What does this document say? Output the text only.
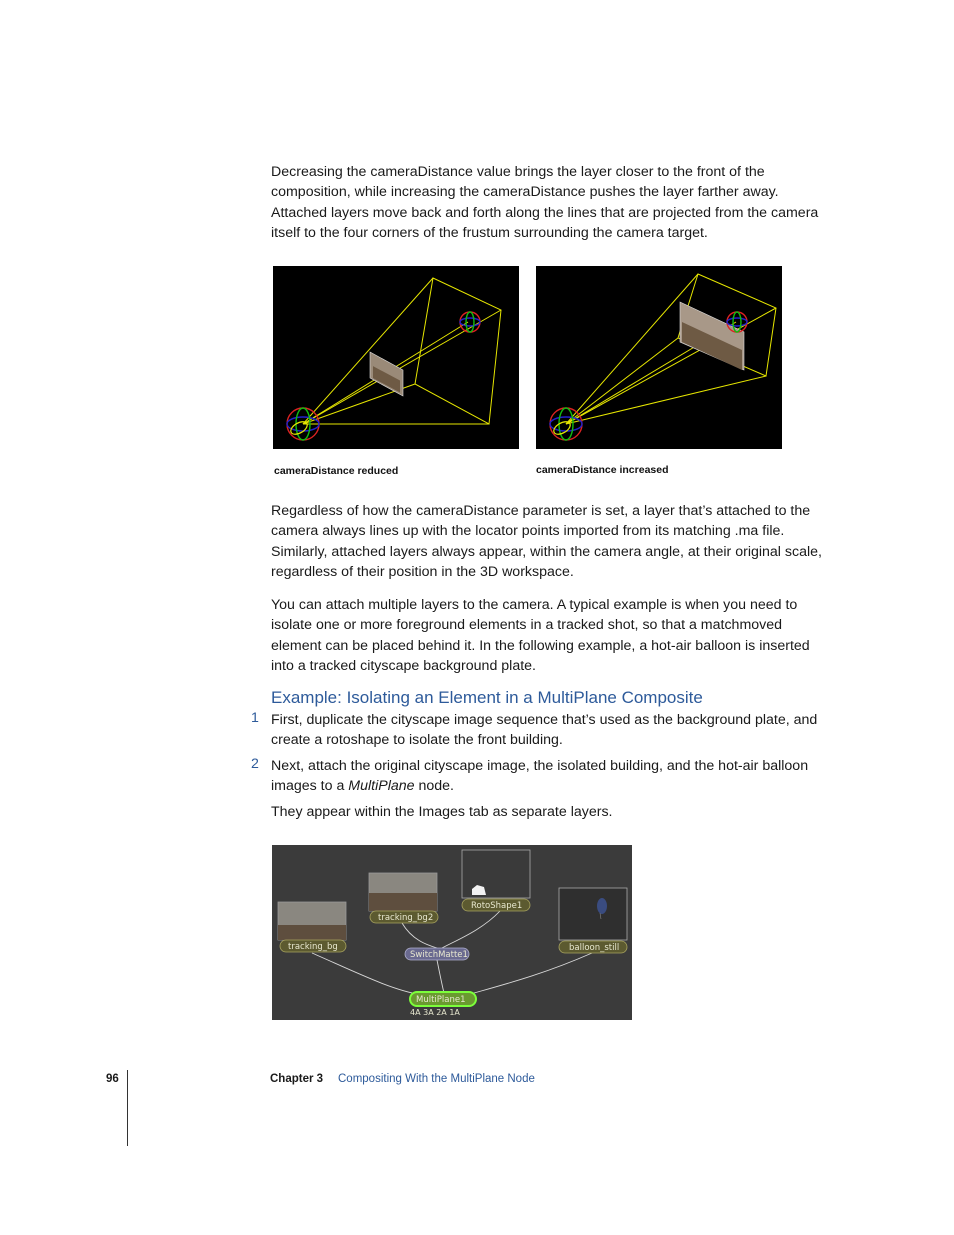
Decreasing the cameraDistance value brings the layer closer to the front of the composition, while increasing the cameraDistance pushes the layer farther away. Attached layers move back and forth along the lines that are projected from the camera itself to the four corners of the frustum surrounding the camera target.

cameraDistance reduced	cameraDistance increased

Regardless of how the cameraDistance parameter is set, a layer that’s attached to the camera always lines up with the locator points imported from its matching .ma file. Similarly, attached layers always appear, within the camera angle, at their original scale, regardless of their position in the 3D workspace.

You can attach multiple layers to the camera. A typical example is when you need to isolate one or more foreground elements in a tracked shot, so that a matchmoved element can be placed behind it. In the following example, a hot-air balloon is inserted into a tracked cityscape background plate.

Example: Isolating an Element in a MultiPlane Composite
1 First, duplicate the cityscape image sequence that’s used as the background plate, and create a rotoshape to isolate the front building.

2 Next, attach the original cityscape image, the isolated building, and the hot-air balloon images to a MultiPlane node.

They appear within the Images tab as separate layers.

tracking_bg
tracking_bg2
RotoShape1
balloon_still
SwitchMatte1
MultiPlane1
4A 3A 2A 1A
96	Chapter 3 Compositing With the MultiPlane Node
